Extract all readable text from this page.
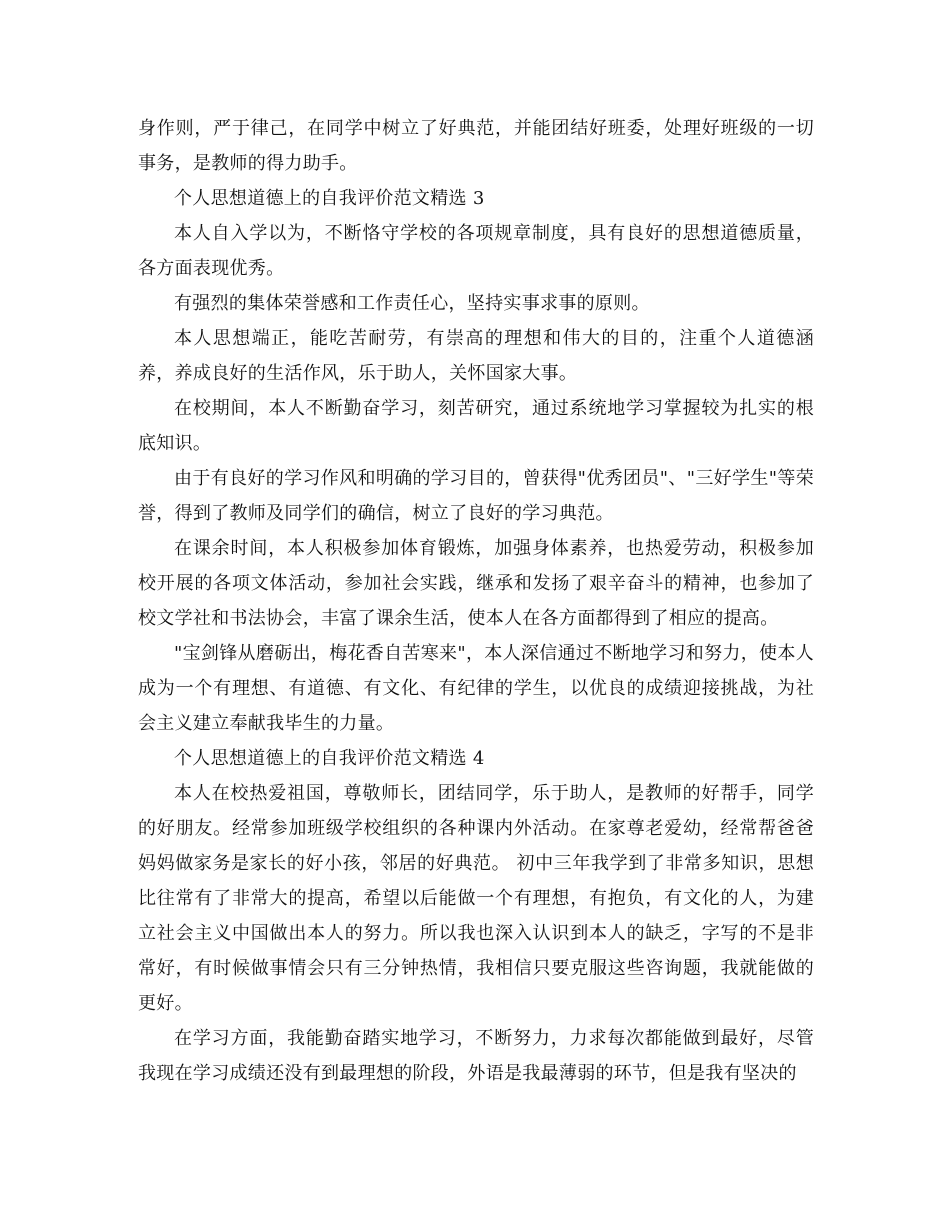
身作则，严于律己，在同学中树立了好典范，并能团结好班委，处理好班级的一切事务，是教师的得力助手。

个人思想道德上的自我评价范文精选 3

本人自入学以为，不断恪守学校的各项规章制度，具有良好的思想道德质量，各方面表现优秀。

有强烈的集体荣誉感和工作责任心，坚持实事求事的原则。

本人思想端正，能吃苦耐劳，有崇高的理想和伟大的目的，注重个人道德涵养，养成良好的生活作风，乐于助人，关怀国家大事。

在校期间，本人不断勤奋学习，刻苦研究，通过系统地学习掌握较为扎实的根底知识。

由于有良好的学习作风和明确的学习目的，曾获得"优秀团员"、"三好学生"等荣誉，得到了教师及同学们的确信，树立了良好的学习典范。

在课余时间，本人积极参加体育锻炼，加强身体素养，也热爱劳动，积极参加校开展的各项文体活动，参加社会实践，继承和发扬了艰辛奋斗的精神，也参加了校文学社和书法协会，丰富了课余生活，使本人在各方面都得到了相应的提高。

"宝剑锋从磨砺出，梅花香自苦寒来"，本人深信通过不断地学习和努力，使本人成为一个有理想、有道德、有文化、有纪律的学生，以优良的成绩迎接挑战，为社会主义建立奉献我毕生的力量。

个人思想道德上的自我评价范文精选 4

本人在校热爱祖国，尊敬师长，团结同学，乐于助人，是教师的好帮手，同学的好朋友。经常参加班级学校组织的各种课内外活动。在家尊老爱幼，经常帮爸爸妈妈做家务是家长的好小孩，邻居的好典范。 初中三年我学到了非常多知识，思想比往常有了非常大的提高，希望以后能做一个有理想，有抱负，有文化的人，为建立社会主义中国做出本人的努力。所以我也深入认识到本人的缺乏，字写的不是非常好，有时候做事情会只有三分钟热情，我相信只要克服这些咨询题，我就能做的更好。

在学习方面，我能勤奋踏实地学习，不断努力，力求每次都能做到最好，尽管我现在学习成绩还没有到最理想的阶段，外语是我最薄弱的环节，但是我有坚决的
